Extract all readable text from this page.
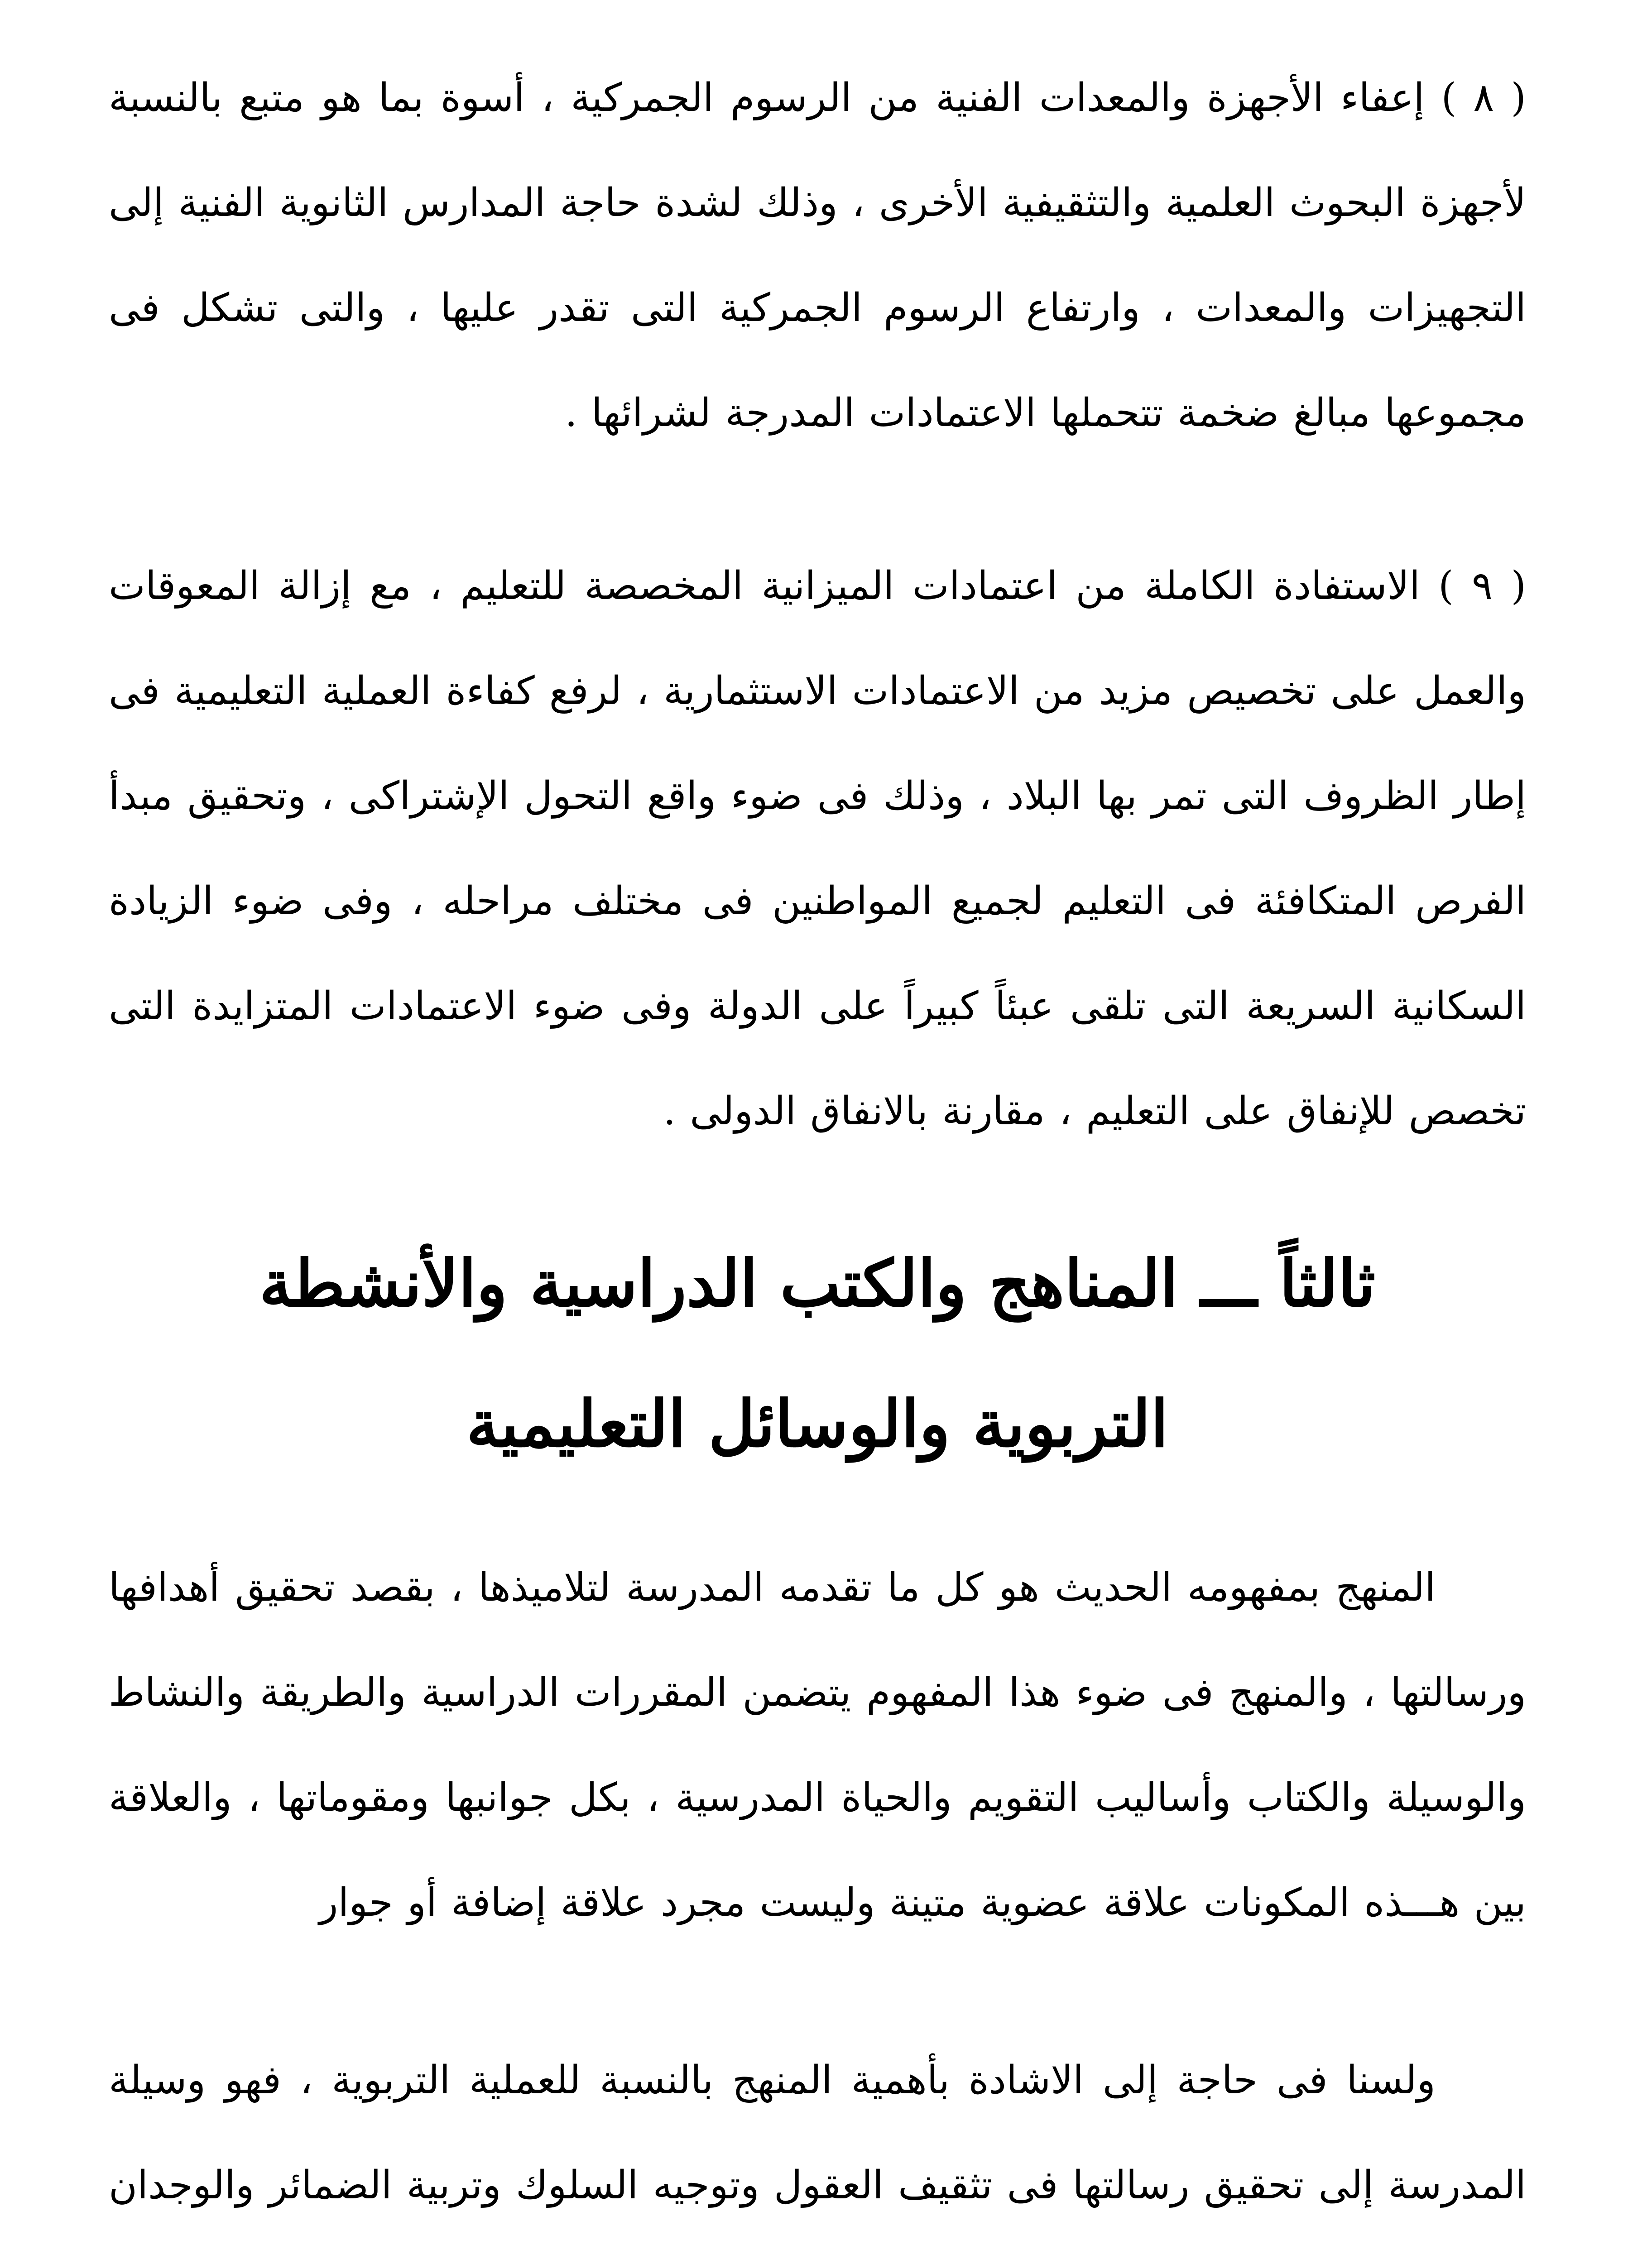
( ٨ ) إعفاء الأجهزة والمعدات الفنية من الرسوم الجمركية ، أسوة بما هو متبع بالنسبة لأجهزة البحوث العلمية والتثقيفية الأخرى ، وذلك لشدة حاجة المدارس الثانوية الفنية إلى التجهيزات والمعدات ، وارتفاع الرسوم الجمركية التى تقدر عليها ، والتى تشكل فى مجموعها مبالغ ضخمة تتحملها الاعتمادات المدرجة لشرائها .

( ٩ ) الاستفادة الكاملة من اعتمادات الميزانية المخصصة للتعليم ، مع إزالة المعوقات والعمل على تخصيص مزيد من الاعتمادات الاستثمارية ، لرفع كفاءة العملية التعليمية فى إطار الظروف التى تمر بها البلاد ، وذلك فى ضوء واقع التحول الإشتراكى ، وتحقيق مبدأ الفرص المتكافئة فى التعليم لجميع المواطنين فى مختلف مراحله ، وفى ضوء الزيادة السكانية السريعة التى تلقى عبئاً كبيراً على الدولة وفى ضوء الاعتمادات المتزايدة التى تخصص للإنفاق على التعليم ، مقارنة بالانفاق الدولى .

ثالثاً ـــ المناهج والكتب الدراسية والأنشطة
التربوية والوسائل التعليمية

المنهج بمفهومه الحديث هو كل ما تقدمه المدرسة لتلاميذها ، بقصد تحقيق أهدافها ورسالتها ، والمنهج فى ضوء هذا المفهوم يتضمن المقررات الدراسية والطريقة والنشاط والوسيلة والكتاب وأساليب التقويم والحياة المدرسية ، بكل جوانبها ومقوماتها ، والعلاقة بين هـــذه المكونات علاقة عضوية متينة وليست مجرد علاقة إضافة أو جوار

ولسنا فى حاجة إلى الاشادة بأهمية المنهج بالنسبة للعملية التربوية ، فهو وسيلة المدرسة إلى تحقيق رسالتها فى تثقيف العقول وتوجيه السلوك وتربية الضمائر والوجدان
